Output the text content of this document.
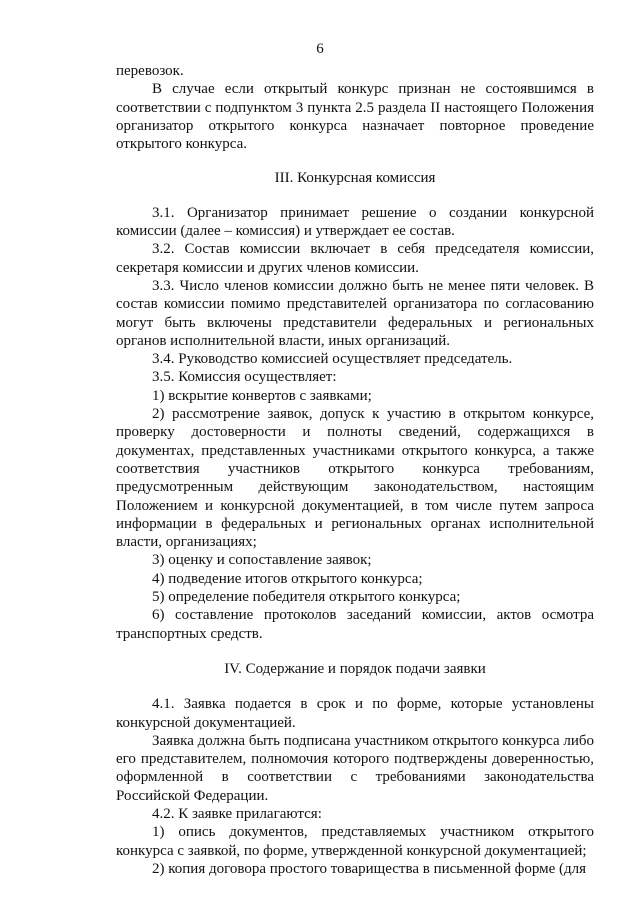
6

перевозок.

В случае если открытый конкурс признан не состоявшимся в соответствии с подпунктом 3 пункта 2.5 раздела II настоящего Положения организатор открытого конкурса назначает повторное проведение открытого конкурса.

III. Конкурсная комиссия

3.1. Организатор принимает решение о создании конкурсной комиссии (далее – комиссия) и утверждает ее состав.

3.2. Состав комиссии включает в себя председателя комиссии, секретаря комиссии и других членов комиссии.

3.3. Число членов комиссии должно быть не менее пяти человек. В состав комиссии помимо представителей организатора по согласованию могут быть включены представители федеральных и региональных органов исполнительной власти, иных организаций.

3.4. Руководство комиссией осуществляет председатель.

3.5. Комиссия осуществляет:

1) вскрытие конвертов с заявками;

2) рассмотрение заявок, допуск к участию в открытом конкурсе, проверку достоверности и полноты сведений, содержащихся в документах, представленных участниками открытого конкурса, а также соответствия участников открытого конкурса требованиям, предусмотренным действующим законодательством, настоящим Положением и конкурсной документацией, в том числе путем запроса информации в федеральных и региональных органах исполнительной власти, организациях;

3) оценку и сопоставление заявок;

4) подведение итогов открытого конкурса;

5) определение победителя открытого конкурса;

6) составление протоколов заседаний комиссии, актов осмотра транспортных средств.

IV. Содержание и порядок подачи заявки

4.1. Заявка подается в срок и по форме, которые установлены конкурсной документацией.

Заявка должна быть подписана участником открытого конкурса либо его представителем, полномочия которого подтверждены доверенностью, оформленной в соответствии с требованиями законодательства Российской Федерации.

4.2. К заявке прилагаются:

1) опись документов, представляемых участником открытого конкурса с заявкой, по форме, утвержденной конкурсной документацией;

2) копия договора простого товарищества в письменной форме (для
